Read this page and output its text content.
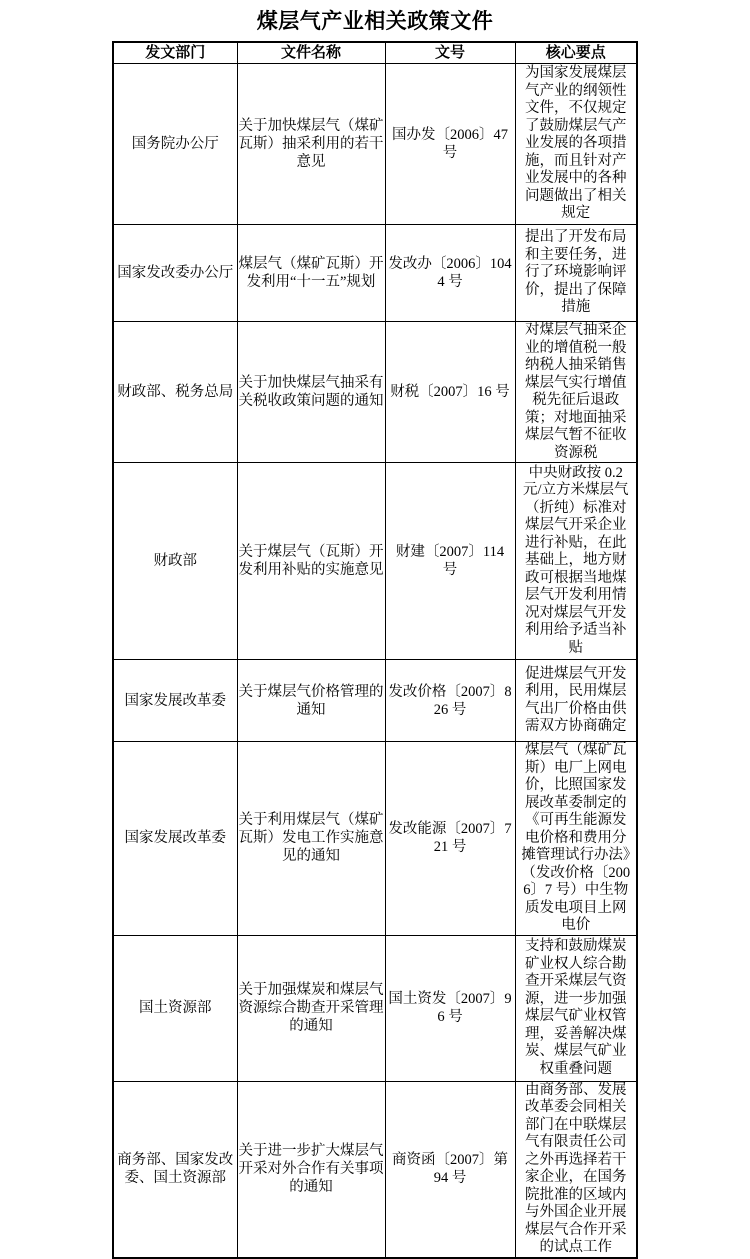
煤层气产业相关政策文件
发文部门	文件名称	文号	核心要点
国务院办公厅	关于加快煤层气（煤矿瓦斯）抽采利用的若干意见	国办发〔2006〕47 号	为国家发展煤层气产业的纲领性文件，不仅规定了鼓励煤层气产业发展的各项措施，而且针对产业发展中的各种问题做出了相关规定
国家发改委办公厅	煤层气（煤矿瓦斯）开发利用“十一五”规划	发改办〔2006〕1044 号	提出了开发布局和主要任务，进行了环境影响评价，提出了保障措施
财政部、税务总局	关于加快煤层气抽采有关税收政策问题的通知	财税〔2007〕16 号	对煤层气抽采企业的增值税一般纳税人抽采销售煤层气实行增值税先征后退政策；对地面抽采煤层气暂不征收资源税
财政部	关于煤层气（瓦斯）开发利用补贴的实施意见	财建〔2007〕114 号	中央财政按 0.2 元/立方米煤层气（折纯）标准对煤层气开采企业进行补贴，在此基础上，地方财政可根据当地煤层气开发利用情况对煤层气开发利用给予适当补贴
国家发展改革委	关于煤层气价格管理的通知	发改价格〔2007〕826 号	促进煤层气开发利用，民用煤层气出厂价格由供需双方协商确定
国家发展改革委	关于利用煤层气（煤矿瓦斯）发电工作实施意见的通知	发改能源〔2007〕721 号	煤层气（煤矿瓦斯）电厂上网电价，比照国家发展改革委制定的《可再生能源发电价格和费用分摊管理试行办法》（发改价格〔2006〕7 号）中生物质发电项目上网电价
国土资源部	关于加强煤炭和煤层气资源综合勘查开采管理的通知	国土资发〔2007〕96 号	支持和鼓励煤炭矿业权人综合勘查开采煤层气资源，进一步加强煤层气矿业权管理，妥善解决煤炭、煤层气矿业权重叠问题
商务部、国家发改委、国土资源部	关于进一步扩大煤层气开采对外合作有关事项的通知	商资函〔2007〕第 94 号	由商务部、发展改革委会同相关部门在中联煤层气有限责任公司之外再选择若干家企业，在国务院批准的区域内与外国企业开展煤层气合作开采的试点工作
